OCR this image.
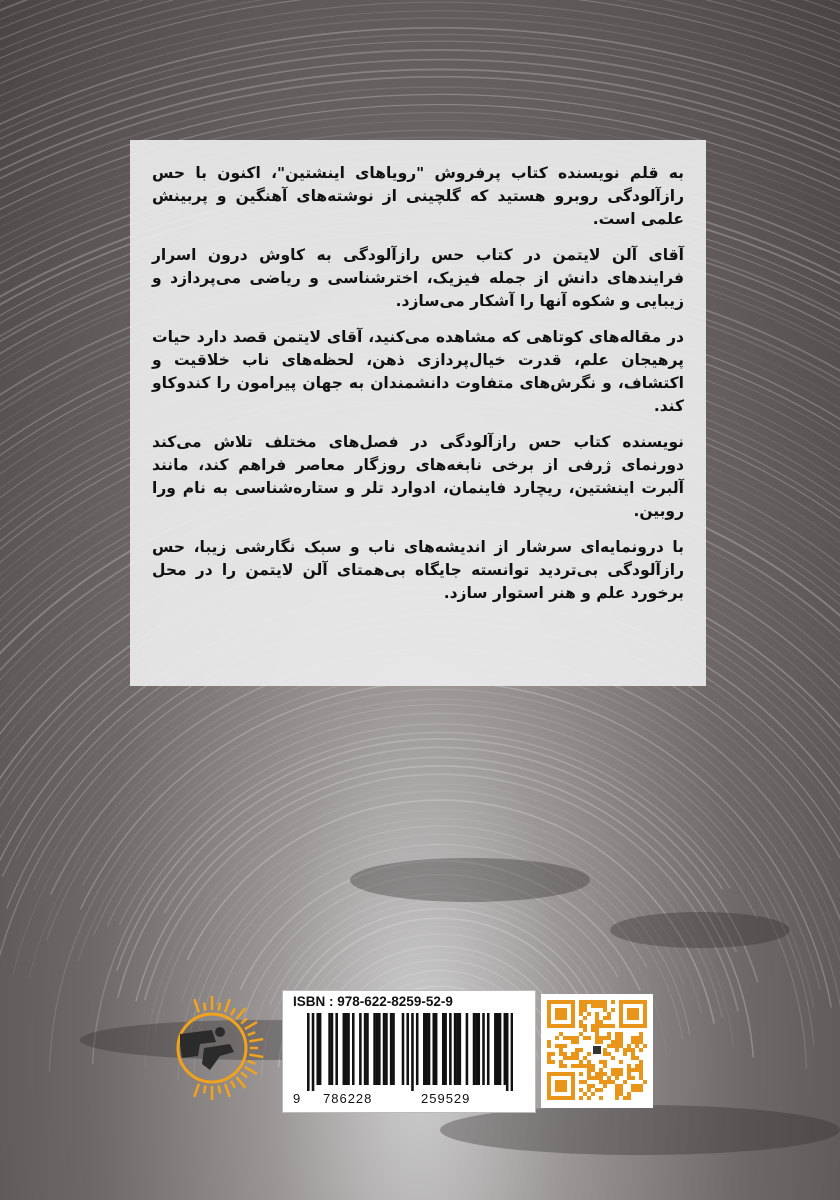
به قلم نویسنده کتاب پرفروش "رویاهای اینشتین"، اکنون با حس رازآلودگی روبرو هستید که گلچینی از نوشته‌های آهنگین و پربینش علمی است.

آقای آلن لایتمن در کتاب حس رازآلودگی به کاوش درون اسرار فرایندهای دانش از جمله فیزیک، اخترشناسی و ریاضی می‌پردازد و زیبایی و شکوه آنها را آشکار می‌سازد.

در مقاله‌های کوتاهی که مشاهده می‌کنید، آقای لایتمن قصد دارد حیات پرهیجان علم، قدرت خیال‌پردازی ذهن، لحظه‌های ناب خلاقیت و اکتشاف، و نگرش‌های متفاوت دانشمندان به جهان پیرامون را کندوکاو کند.

نویسنده کتاب حس رازآلودگی در فصل‌های مختلف تلاش می‌کند دورنمای ژرفی از برخی نابغه‌های روزگار معاصر فراهم کند، مانند آلبرت اینشتین، ریچارد فاینمان، ادوارد تلر و ستاره‌شناسی به نام ورا روبین.

با درونمایه‌ای سرشار از اندیشه‌های ناب و سبک نگارشی زیبا، حس رازآلودگی بی‌تردید توانسته جایگاه بی‌همتای آلن لایتمن را در محل برخورد علم و هنر استوار سازد.

ISBN : 978-622-8259-52-9
9 786228	259529
